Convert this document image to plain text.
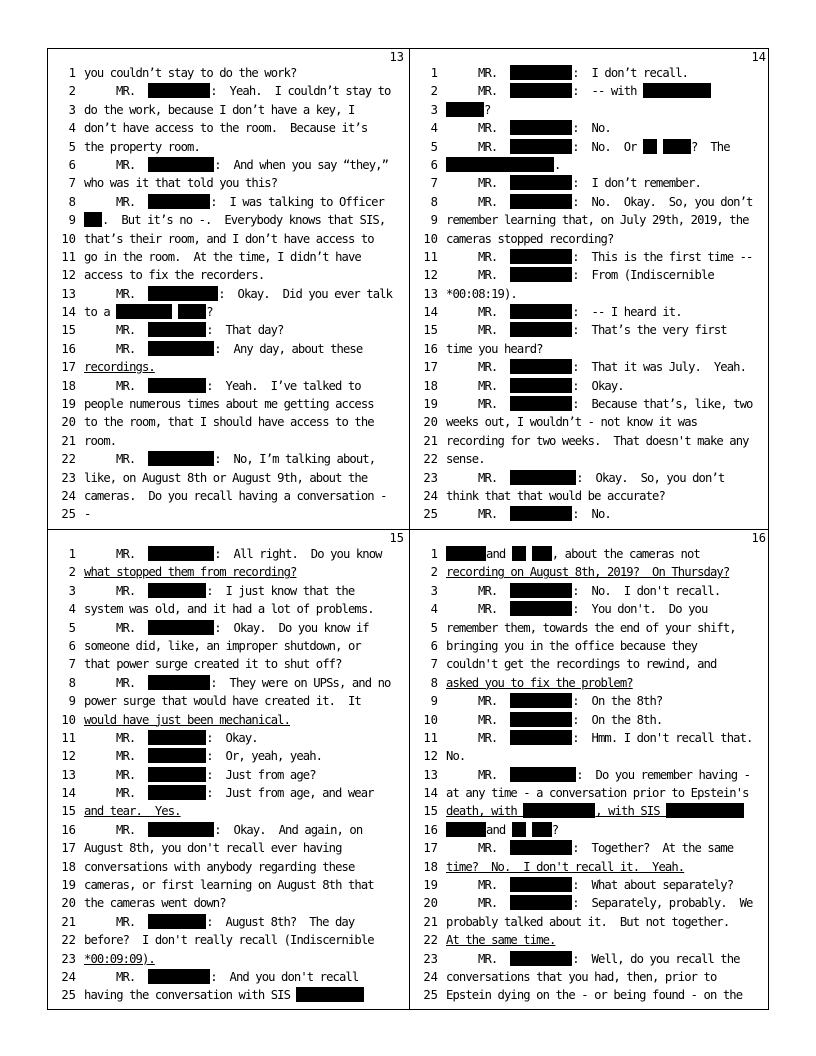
13
1 you couldn’t stay to do the work?
2	MR.	:  Yeah.  I couldn’t stay to
3 do the work, because I don’t have a key, I
4 don’t have access to the room.  Because it’s
5 the property room.
6	MR.	:  And when you say “they,”
7 who was it that told you this?
8	MR.	:  I was talking to Officer
9 .  But it’s no -.  Everybody knows that SIS,
10 that’s their room, and I don’t have access to
11 go in the room.  At the time, I didn’t have
12 access to fix the recorders.
13	MR.	:  Okay.  Did you ever talk
14 to a	?
15	MR.	:  That day?
16	MR.	:  Any day, about these
17 recordings.
18	MR.	:  Yeah.  I’ve talked to
19 people numerous times about me getting access
20 to the room, that I should have access to the
21 room.
22	MR.	:  No, I’m talking about,
23 like, on August 8th or August 9th, about the
24 cameras.  Do you recall having a conversation -
25 -
14
1	MR.	:  I don’t recall.
2	MR.	:  -- with
3	?
4	MR.	:  No.
5	MR.	:  No.  Or	?  The
6	.
7	MR.	:  I don’t remember.
8	MR.	:  No.  Okay.  So, you don’t
9 remember learning that, on July 29th, 2019, the
10 cameras stopped recording?
11	MR.	:  This is the first time --
12	MR.	:  From (Indiscernible
13 *00:08:19).
14	MR.	:  -- I heard it.
15	MR.	:  That’s the very first
16 time you heard?
17	MR.	:  That it was July.  Yeah.
18	MR.	:  Okay.
19	MR.	:  Because that’s, like, two
20 weeks out, I wouldn’t - not know it was
21 recording for two weeks.  That doesn't make any
22 sense.
23	MR.	:  Okay.  So, you don’t
24 think that that would be accurate?
25	MR.	:  No.
15
1	MR.	:  All right.  Do you know
2 what stopped them from recording?
3	MR.	:  I just know that the
4 system was old, and it had a lot of problems.
5	MR.	:  Okay.  Do you know if
6 someone did, like, an improper shutdown, or
7 that power surge created it to shut off?
8	MR.	:  They were on UPSs, and no
9 power surge that would have created it.  It
10 would have just been mechanical.
11	MR.	:  Okay.
12	MR.	:  Or, yeah, yeah.
13	MR.	:  Just from age?
14	MR.	:  Just from age, and wear
15 and tear.  Yes.
16	MR.	:  Okay.  And again, on
17 August 8th, you don't recall ever having
18 conversations with anybody regarding these
19 cameras, or first learning on August 8th that
20 the cameras went down?
21	MR.	:  August 8th?  The day
22 before?  I don't really recall (Indiscernible
23 *00:09:09).
24	MR.	:  And you don't recall
25 having the conversation with SIS
16
1	and	, about the cameras not
2 recording on August 8th, 2019?  On Thursday?
3	MR.	:  No.  I don't recall.
4	MR.	:  You don't.  Do you
5 remember them, towards the end of your shift,
6 bringing you in the office because they
7 couldn't get the recordings to rewind, and
8 asked you to fix the problem?
9	MR.	:  On the 8th?
10	MR.	:  On the 8th.
11	MR.	:  Hmm. I don't recall that.
12 No.
13	MR.	:  Do you remember having -
14 at any time - a conversation prior to Epstein's
15 death, with	, with SIS
16	and	?
17	MR.	:  Together?  At the same
18 time?  No.  I don't recall it.  Yeah.
19	MR.	:  What about separately?
20	MR.	:  Separately, probably.  We
21 probably talked about it.  But not together.
22 At the same time.
23	MR.	:  Well, do you recall the
24 conversations that you had, then, prior to
25 Epstein dying on the - or being found - on the
